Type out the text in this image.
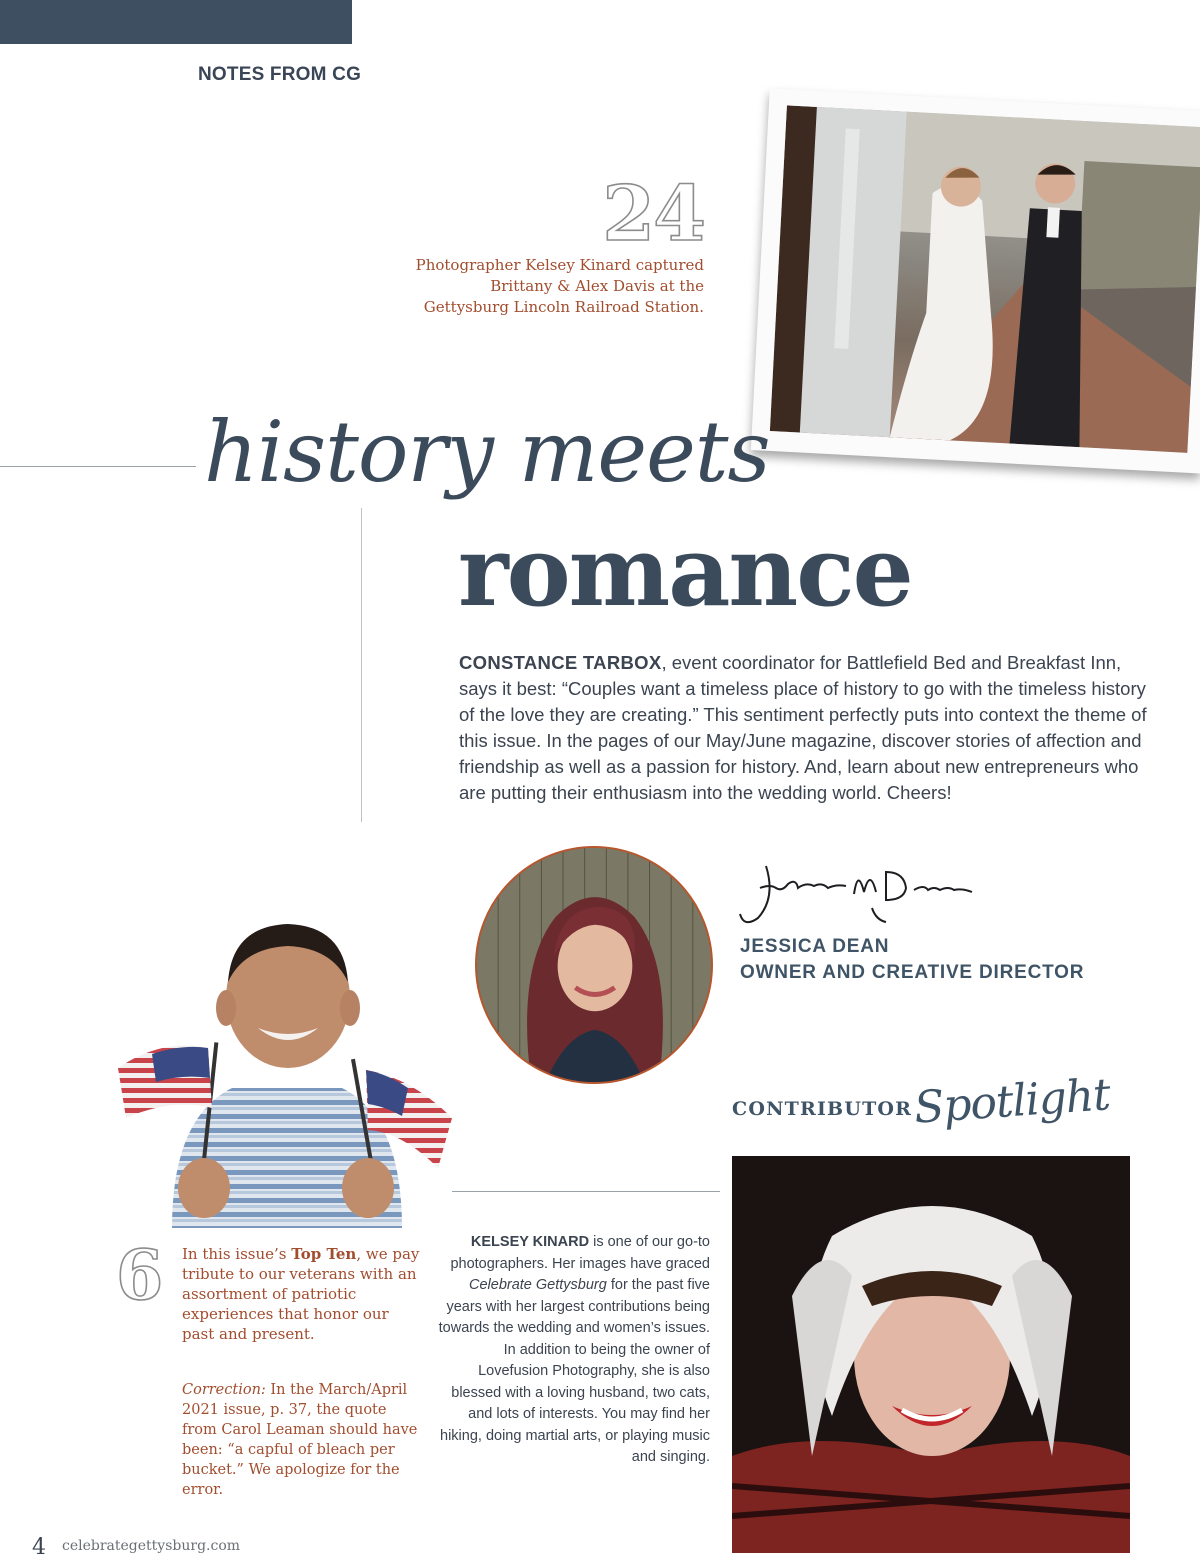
NOTES FROM CG
24
Photographer Kelsey Kinard captured Brittany & Alex Davis at the Gettysburg Lincoln Railroad Station.
history meets
romance
CONSTANCE TARBOX, event coordinator for Battlefield Bed and Breakfast Inn, says it best: “Couples want a timeless place of history to go with the timeless history of the love they are creating.” This sentiment perfectly puts into context the theme of this issue. In the pages of our May/June magazine, discover stories of affection and friendship as well as a passion for history. And, learn about new entrepreneurs who are putting their enthusiasm into the wedding world. Cheers!
JESSICA DEAN
OWNER AND CREATIVE DIRECTOR
6 In this issue’s Top Ten, we pay tribute to our veterans with an assortment of patriotic experiences that honor our past and present.
Correction: In the March/April 2021 issue, p. 37, the quote from Carol Leaman should have been: “a capful of bleach per bucket.” We apologize for the error.
KELSEY KINARD is one of our go-to photographers. Her images have graced Celebrate Gettysburg for the past five years with her largest contributions being towards the wedding and women’s issues. In addition to being the owner of Lovefusion Photography, she is also blessed with a loving husband, two cats, and lots of interests. You may find her hiking, doing martial arts, or playing music and singing.
CONTRIBUTOR Spotlight
4 celebrategettysburg.com
